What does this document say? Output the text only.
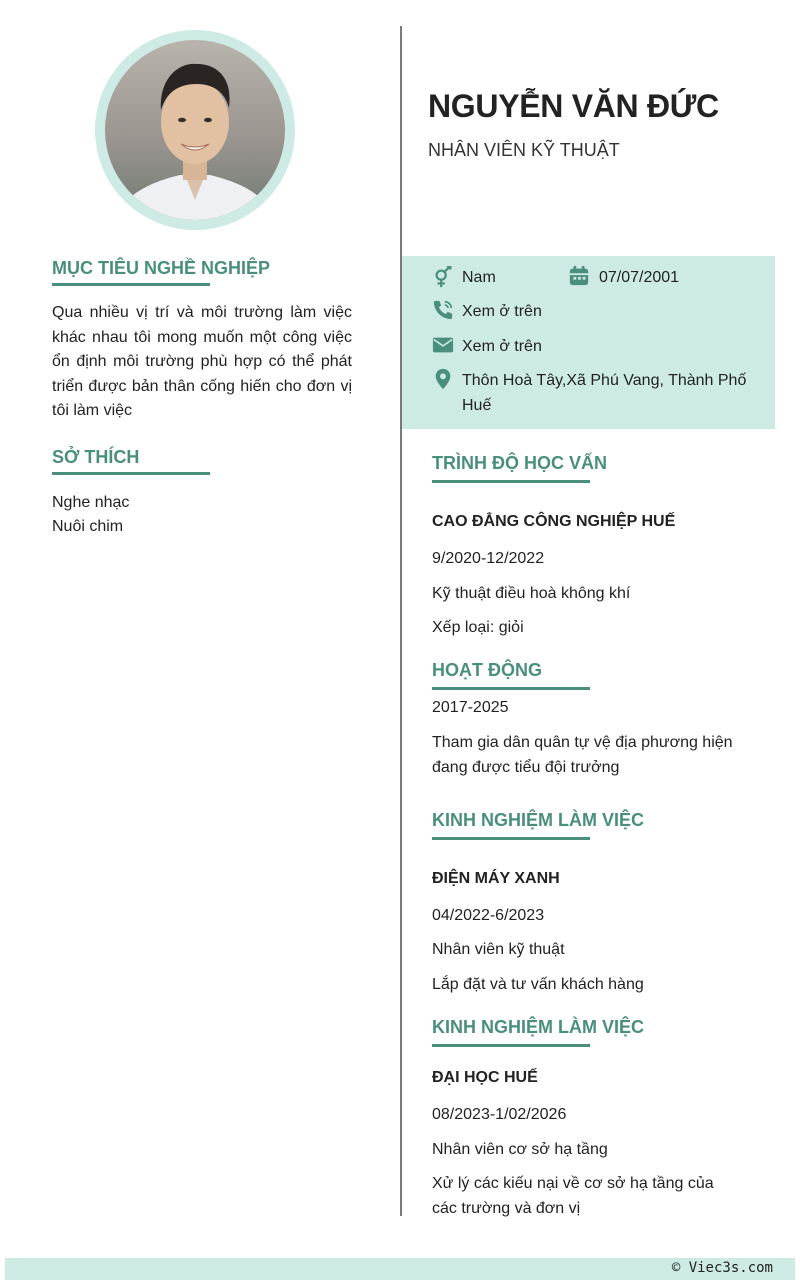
MỤC TIÊU NGHỀ NGHIỆP
Qua nhiều vị trí và môi trường làm việc khác nhau tôi mong muốn một công việc ổn định môi trường phù hợp có thể phát triển được bản thân cống hiến cho đơn vị tôi làm việc
SỞ THÍCH
Nghe nhạc
Nuôi chim
NGUYỄN VĂN ĐỨC
NHÂN VIÊN KỸ THUẬT
Nam	07/07/2001
Xem ở trên
Xem ở trên
Thôn Hoà Tây,Xã Phú Vang, Thành Phố Huế
TRÌNH ĐỘ HỌC VẤN
CAO ĐẲNG CÔNG NGHIỆP HUẾ
9/2020-12/2022
Kỹ thuật điều hoà không khí
Xếp loại: giỏi
HOẠT ĐỘNG
2017-2025
Tham gia dân quân tự vệ địa phương hiện đang được tiểu đội trưởng
KINH NGHIỆM LÀM VIỆC
ĐIỆN MÁY XANH
04/2022-6/2023
Nhân viên kỹ thuật
Lắp đặt và tư vấn khách hàng
KINH NGHIỆM LÀM VIỆC
ĐẠI HỌC HUẾ
08/2023-1/02/2026
Nhân viên cơ sở hạ tầng
Xử lý các kiếu nại về cơ sở hạ tầng của các trường và đơn vị
© Viec3s.com
